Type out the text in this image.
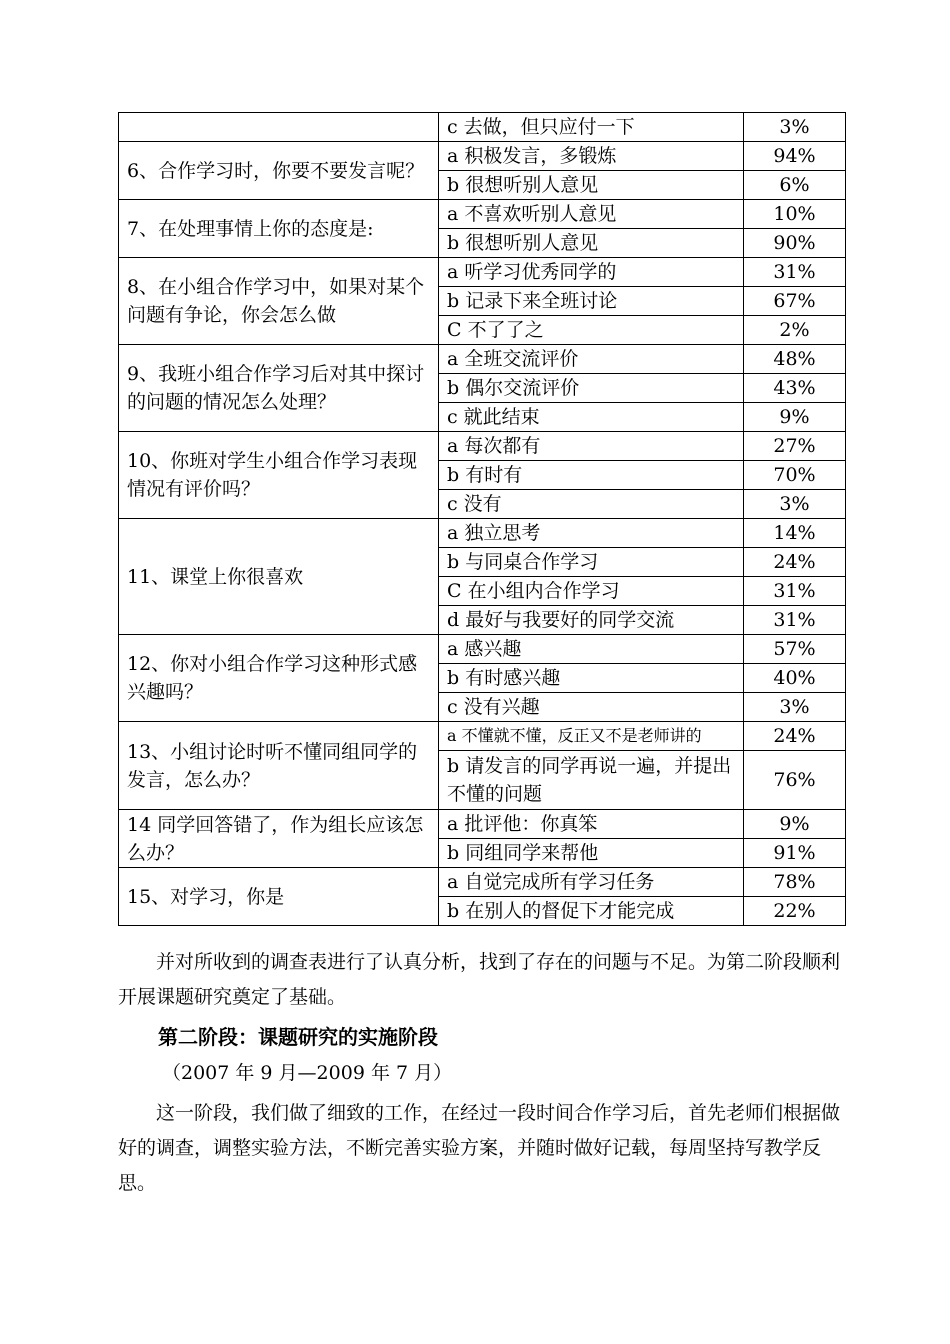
	c 去做，但只应付一下	3%
6、合作学习时，你要不要发言呢？	a 积极发言，多锻炼	94%
	b 很想听别人意见	6%
7、在处理事情上你的态度是:	a 不喜欢听别人意见	10%
	b 很想听别人意见	90%
8、在小组合作学习中，如果对某个问题有争论，你会怎么做	a 听学习优秀同学的	31%
	b 记录下来全班讨论	67%
	C 不了了之	2%
9、我班小组合作学习后对其中探讨的问题的情况怎么处理？	a 全班交流评价	48%
	b 偶尔交流评价	43%
	c 就此结束	9%
10、你班对学生小组合作学习表现情况有评价吗？	a 每次都有	27%
	b 有时有	70%
	c 没有	3%
11、课堂上你很喜欢	a 独立思考	14%
	b 与同桌合作学习	24%
	C 在小组内合作学习	31%
	d 最好与我要好的同学交流	31%
12、你对小组合作学习这种形式感兴趣吗？	a 感兴趣	57%
	b 有时感兴趣	40%
	c 没有兴趣	3%
13、小组讨论时听不懂同组同学的发言，怎么办？	a 不懂就不懂，反正又不是老师讲的	24%
	b 请发言的同学再说一遍，并提出不懂的问题	76%
14 同学回答错了，作为组长应该怎么办？	a 批评他：你真笨	9%
	b 同组同学来帮他	91%
15、对学习，你是	a 自觉完成所有学习任务	78%
	b 在别人的督促下才能完成	22%

并对所收到的调查表进行了认真分析，找到了存在的问题与不足。为第二阶段顺利开展课题研究奠定了基础。

第二阶段：课题研究的实施阶段

（2007 年 9 月—2009 年 7 月）

这一阶段，我们做了细致的工作，在经过一段时间合作学习后，首先老师们根据做好的调查，调整实验方法，不断完善实验方案，并随时做好记载，每周坚持写教学反思。
